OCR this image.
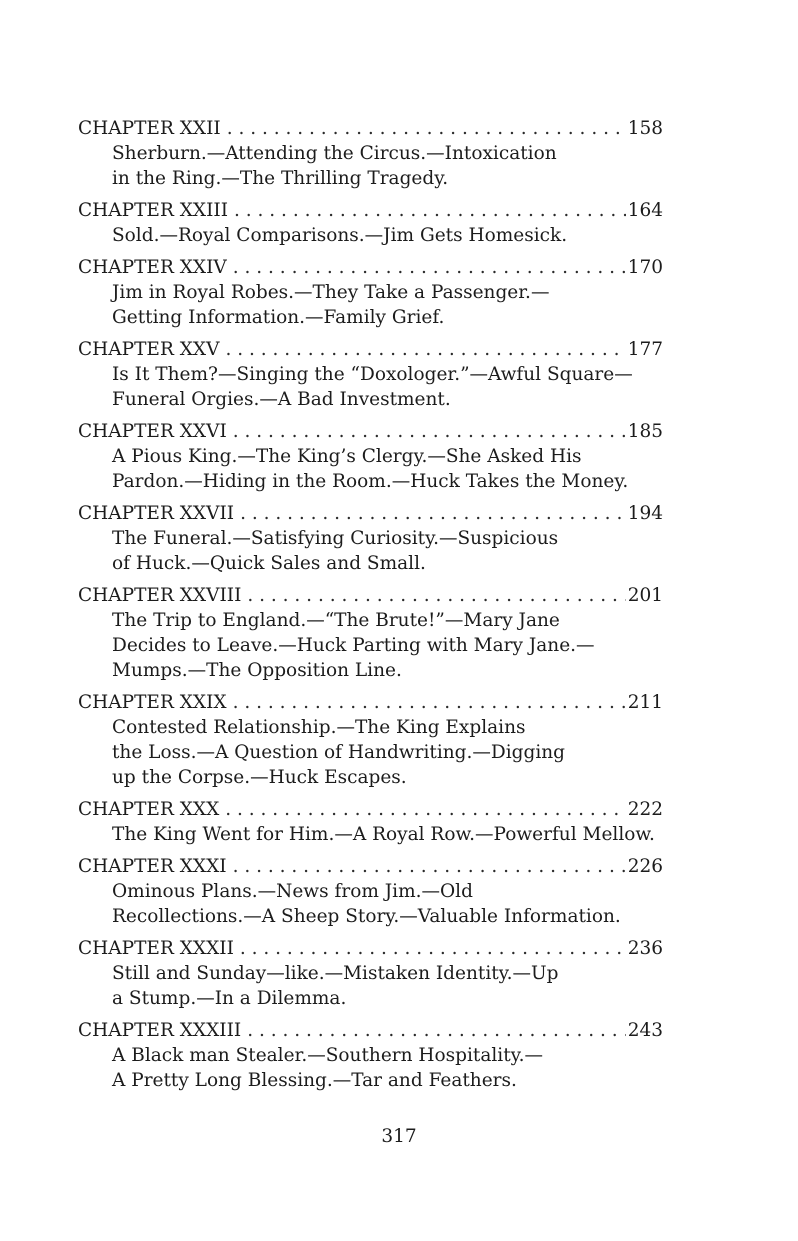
CHAPTER XXII . . .	158
Sherburn.—Attending the Circus.—Intoxication
in the Ring.—The Thrilling Tragedy.
CHAPTER XXIII . . .	164
Sold.—Royal Comparisons.—Jim Gets Homesick.
CHAPTER XXIV . . .	170
Jim in Royal Robes.—They Take a Passenger.—
Getting Information.—Family Grief.
CHAPTER XXV . . .	177
Is It Them?—Singing the “Doxologer.”—Awful Square—
Funeral Orgies.—A Bad Investment.
CHAPTER XXVI . . .	185
A Pious King.—The King’s Clergy.—She Asked His
Pardon.—Hiding in the Room.—Huck Takes the Money.
CHAPTER XXVII . . .	194
The Funeral.—Satisfying Curiosity.—Suspicious
of Huck.—Quick Sales and Small.
CHAPTER XXVIII . . .	201
The Trip to England.—“The Brute!”—Mary Jane
Decides to Leave.—Huck Parting with Mary Jane.—
Mumps.—The Opposition Line.
CHAPTER XXIX . . .	211
Contested Relationship.—The King Explains
the Loss.—A Question of Handwriting.—Digging
up the Corpse.—Huck Escapes.
CHAPTER XXX . . .	222
The King Went for Him.—A Royal Row.—Powerful Mellow.
CHAPTER XXXI . . .	226
Ominous Plans.—News from Jim.—Old
Recollections.—A Sheep Story.—Valuable Information.
CHAPTER XXXII . . .	236
Still and Sunday—like.—Mistaken Identity.—Up
a Stump.—In a Dilemma.
CHAPTER XXXIII . . .	243
A Black man Stealer.—Southern Hospitality.—
A Pretty Long Blessing.—Tar and Feathers.
317
